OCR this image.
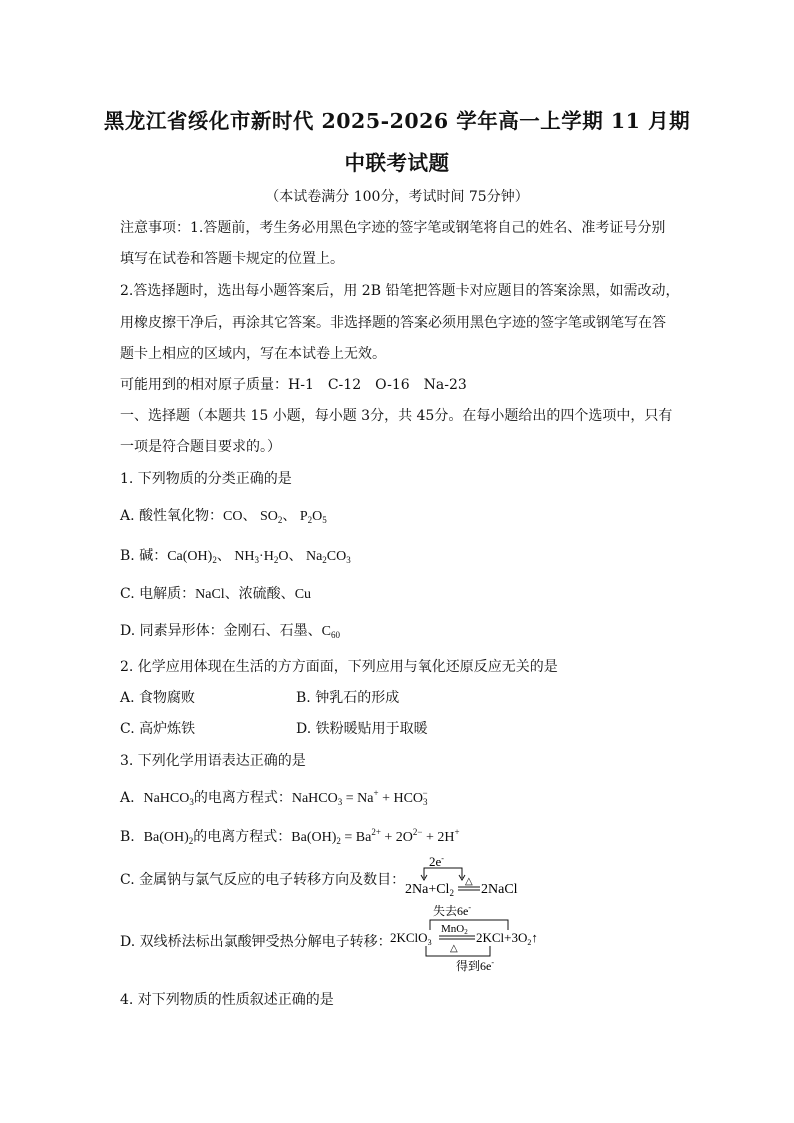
黑龙江省绥化市新时代 2025-2026 学年高一上学期 11 月期
中联考试题
（本试卷满分 100分，考试时间 75分钟）
注意事项：1.答题前，考生务必用黑色字迹的签字笔或钢笔将自己的姓名、准考证号分别
填写在试卷和答题卡规定的位置上。
2.答选择题时，选出每小题答案后，用 2B 铅笔把答题卡对应题目的答案涂黑，如需改动，
用橡皮擦干净后，再涂其它答案。非选择题的答案必须用黑色字迹的签字笔或钢笔写在答
题卡上相应的区域内，写在本试卷上无效。
可能用到的相对原子质量：H-1　C-12　O-16　Na-23
一、选择题（本题共 15 小题，每小题 3分，共 45分。在每小题给出的四个选项中，只有
一项是符合题目要求的。）
1. 下列物质的分类正确的是
A. 酸性氧化物：CO、 $SO_2$、 $P_2O_5$
B. 碱：$Ca(OH)_2$、 $NH_3\cdot H_2O$、 $Na_2CO_3$
C. 电解质：NaCl、浓硫酸、Cu
D. 同素异形体：金刚石、石墨、$C_{60}$
2. 化学应用体现在生活的方方面面，下列应用与氧化还原反应无关的是
A. 食物腐败	B. 钟乳石的形成
C. 高炉炼铁	D. 铁粉暖贴用于取暖
3. 下列化学用语表达正确的是
A. NaHCO$_3$的电离方程式：NaHCO$_3$ = $Na^+ + HCO_3^-$
B. $Ba(OH)_2$的电离方程式：$Ba(OH)_2 = Ba^{2+} + 2O^{2-} + 2H^+$
C. 金属钠与氯气反应的电子转移方向及数目：
2e-
$2Na+Cl_2$
△
2NaCl
D. 双线桥法标出氯酸钾受热分解电子转移：
失去6e-
MnO2
2KClO$_3$	$2KCl+3O_2↑$
△
得到6e-
4. 对下列物质的性质叙述正确的是
